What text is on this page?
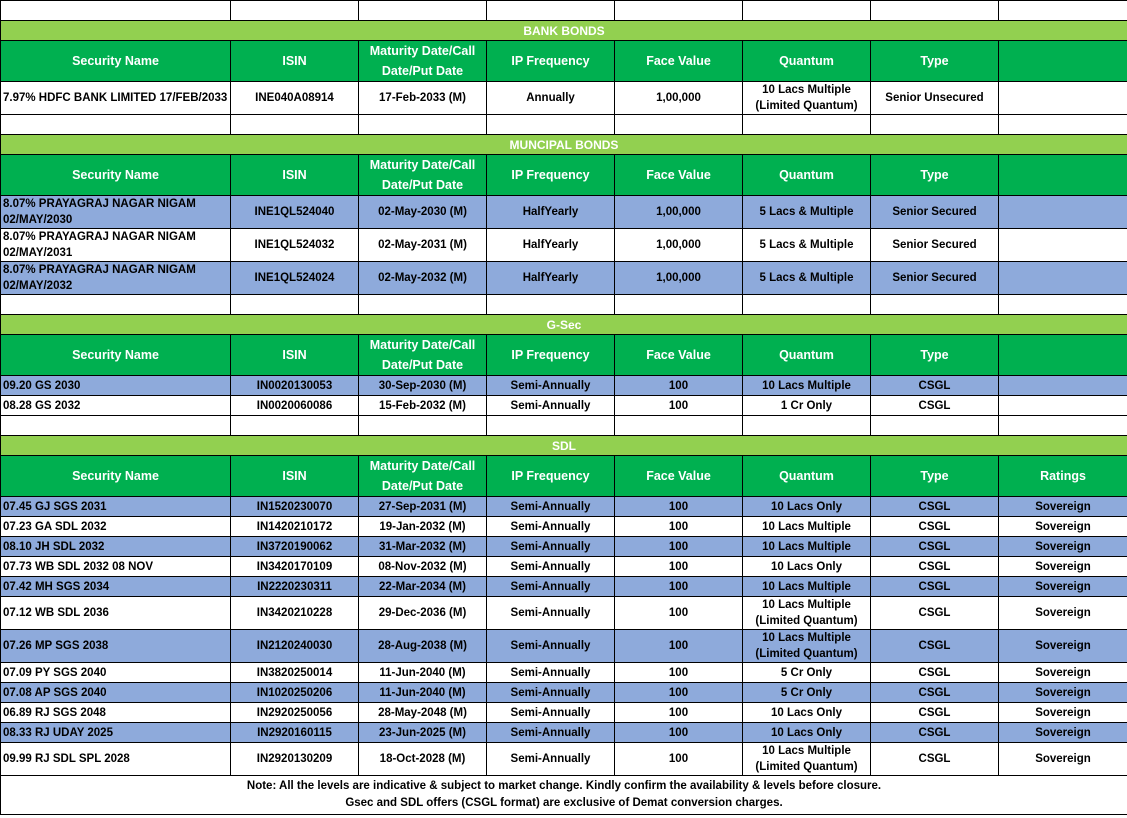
BANK BONDS							
Security Name	ISIN	Maturity Date/Call
Date/Put Date	IP Frequency	Face Value	Quantum	Type	
7.97% HDFC BANK LIMITED 17/FEB/2033	INE040A08914	17-Feb-2033 (M)	Annually	1,00,000	10 Lacs Multiple
(Limited Quantum)	Senior Unsecured	

MUNCIPAL BONDS							
Security Name	ISIN	Maturity Date/Call
Date/Put Date	IP Frequency	Face Value	Quantum	Type	
8.07% PRAYAGRAJ NAGAR NIGAM
02/MAY/2030	INE1QL524040	02-May-2030 (M)	HalfYearly	1,00,000	5 Lacs & Multiple	Senior Secured	
8.07% PRAYAGRAJ NAGAR NIGAM
02/MAY/2031	INE1QL524032	02-May-2031 (M)	HalfYearly	1,00,000	5 Lacs & Multiple	Senior Secured	
8.07% PRAYAGRAJ NAGAR NIGAM
02/MAY/2032	INE1QL524024	02-May-2032 (M)	HalfYearly	1,00,000	5 Lacs & Multiple	Senior Secured	

G-Sec							
Security Name	ISIN	Maturity Date/Call
Date/Put Date	IP Frequency	Face Value	Quantum	Type	
09.20 GS 2030	IN0020130053	30-Sep-2030 (M)	Semi-Annually	100	10 Lacs Multiple	CSGL	
08.28 GS 2032	IN0020060086	15-Feb-2032 (M)	Semi-Annually	100	1 Cr Only	CSGL	

SDL							
Security Name	ISIN	Maturity Date/Call
Date/Put Date	IP Frequency	Face Value	Quantum	Type	Ratings
07.45 GJ SGS 2031	IN1520230070	27-Sep-2031 (M)	Semi-Annually	100	10 Lacs Only	CSGL	Sovereign
07.23 GA SDL 2032	IN1420210172	19-Jan-2032 (M)	Semi-Annually	100	10 Lacs Multiple	CSGL	Sovereign
08.10 JH SDL 2032	IN3720190062	31-Mar-2032 (M)	Semi-Annually	100	10 Lacs Multiple	CSGL	Sovereign
07.73 WB SDL 2032 08 NOV	IN3420170109	08-Nov-2032 (M)	Semi-Annually	100	10 Lacs Only	CSGL	Sovereign
07.42 MH SGS 2034	IN2220230311	22-Mar-2034 (M)	Semi-Annually	100	10 Lacs Multiple	CSGL	Sovereign
07.12 WB SDL 2036	IN3420210228	29-Dec-2036 (M)	Semi-Annually	100	10 Lacs Multiple
(Limited Quantum)	CSGL	Sovereign
07.26 MP SGS 2038	IN2120240030	28-Aug-2038 (M)	Semi-Annually	100	10 Lacs Multiple
(Limited Quantum)	CSGL	Sovereign
07.09 PY SGS 2040	IN3820250014	11-Jun-2040 (M)	Semi-Annually	100	5 Cr Only	CSGL	Sovereign
07.08 AP SGS 2040	IN1020250206	11-Jun-2040 (M)	Semi-Annually	100	5 Cr Only	CSGL	Sovereign
06.89 RJ SGS 2048	IN2920250056	28-May-2048 (M)	Semi-Annually	100	10 Lacs Only	CSGL	Sovereign
08.33 RJ UDAY 2025	IN2920160115	23-Jun-2025 (M)	Semi-Annually	100	10 Lacs Only	CSGL	Sovereign
09.99 RJ SDL SPL 2028	IN2920130209	18-Oct-2028 (M)	Semi-Annually	100	10 Lacs Multiple
(Limited Quantum)	CSGL	Sovereign
Note: All the levels are indicative & subject to market change. Kindly confirm the availability & levels before closure.
Gsec and SDL offers (CSGL format) are exclusive of Demat conversion charges.							
